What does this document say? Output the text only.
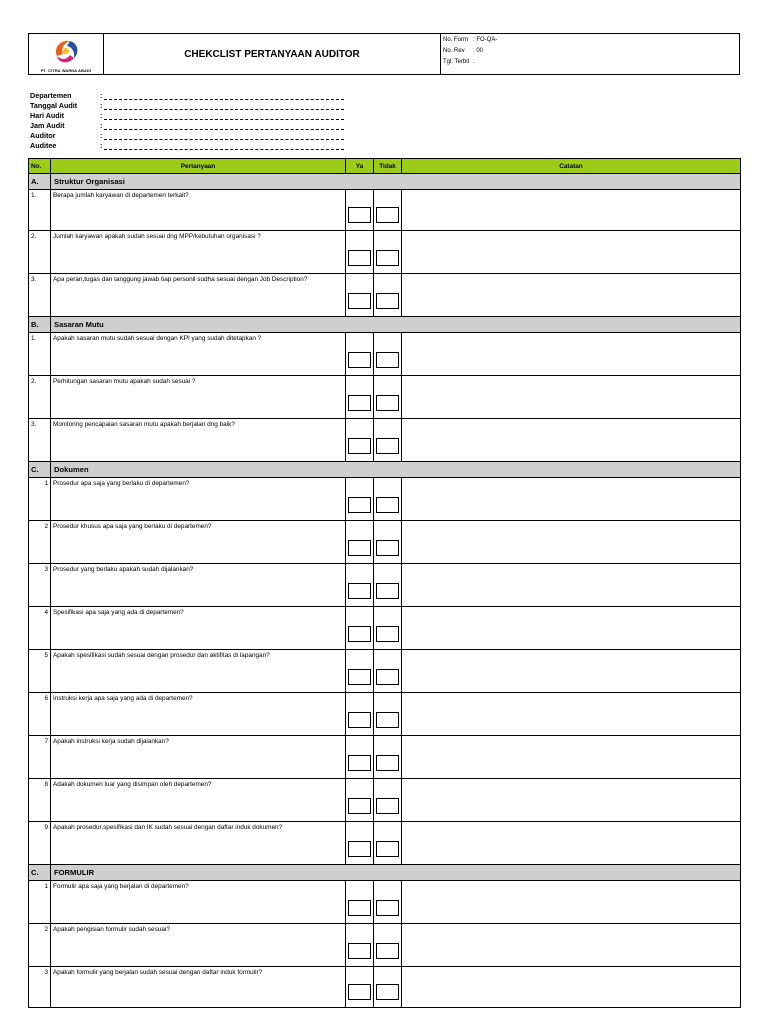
PT. CITRA WARNA ABADI
CHEKCLIST PERTANYAAN AUDITOR
No. Form : FO-QA-
No. Rev	: 00
Tgl. Terbit :
Departemen	:
Tanggal Audit	:
Hari Audit	:
Jam Audit	:
Auditor	:
Auditee	:
No.	Pertanyaan	Ya	Tidak	Catatan
A.	Struktur Organisasi			
1.	Berapa jumlah karyawan di departemen terkait?			
2.	Jumlah karyawan apakah sudah sesuai dng MPP/kebutuhan organisasi ?			
3.	Apa peran,tugas dan tanggung jawab tiap personil sudha sesuai dengan Job Description?			
B.	Sasaran Mutu			
1.	Apakah sasaran mutu sudah sesuai dengan KPI yang sudah ditetapkan ?			
2.	Perhitungan sasaran mutu apakah sudah sesuai ?			
3.	Monitoring pencapaian sasaran mutu apakah berjalan dng baik?			
C.	Dokumen			
1	Prosedur apa saja yang berlaku di departemen?			
2	Prosedur khusus apa saja yang berlaku di departemen?			
3	Prosedur yang berlaku apakah sudah dijalankan?			
4	Spesifikasi apa saja yang ada di departemen?			
5	Apakah spesifikasi sudah sesuai dengan prosedur dan aktifitas di lapangan?			
6	Instruksi kerja apa saja yang ada di departemen?			
7	Apakah instruksi kerja sudah dijalankan?			
8	Adakah dokumen luar yang disimpan oleh departemen?			
9	Apakah prosedur,spesifikasi dan IK sudah sesuai dengan daftar induk dokumen?			
C.	FORMULIR			
1	Formulir apa saja yang berjalan di departemen?			
2	Apakah pengisian formulir sudah sesuai?			
3	Apakah formulir yang berjalan sudah sesuai dengan daftar induk formulir?			
